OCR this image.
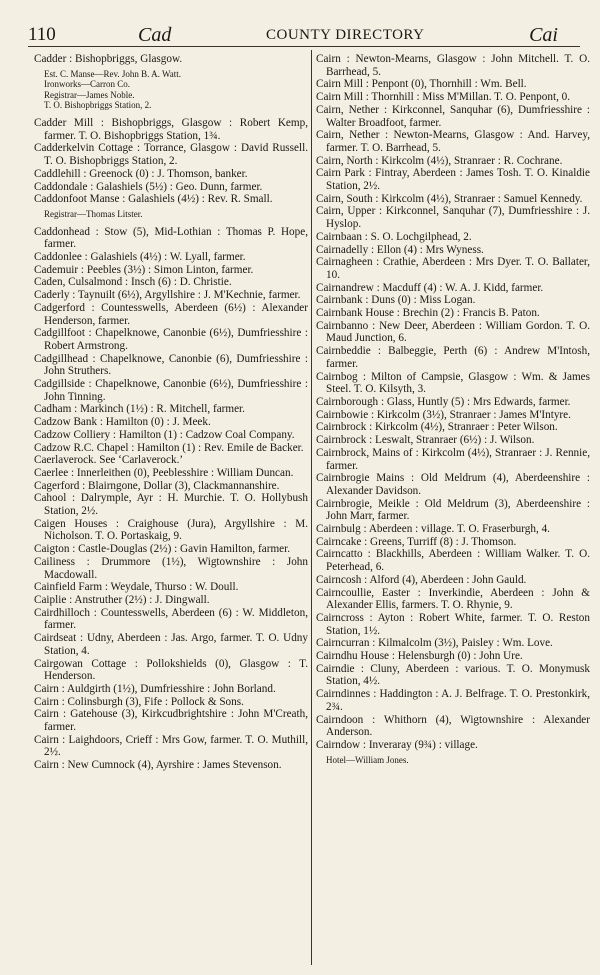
110	Cad	COUNTY DIRECTORY	Cai
Cadder : Bishopbriggs, Glasgow.
Est. C. Manse—Rev. John B. A. Watt.
Ironworks—Carron Co.
Registrar—James Noble.
T. O. Bishopbriggs Station, 2.
Cadder Mill : Bishopbriggs, Glasgow : Robert Kemp, farmer. T. O. Bishopbriggs Station, 1¾.
Cadderkelvin Cottage : Torrance, Glasgow : David Russell. T. O. Bishopbriggs Station, 2.
Caddlehill : Greenock (0) : J. Thomson, banker.
Caddondale : Galashiels (5½) : Geo. Dunn, farmer.
Caddonfoot Manse : Galashiels (4½) : Rev. R. Small.
Registrar—Thomas Litster.
Caddonhead : Stow (5), Mid-Lothian : Thomas P. Hope, farmer.
Caddonlee : Galashiels (4½) : W. Lyall, farmer.
Cademuir : Peebles (3½) : Simon Linton, farmer.
Caden, Culsalmond : Insch (6) : D. Christie.
Caderly : Taynuilt (6½), Argyllshire : J. M'Kechnie, farmer.
Cadgerford : Countesswells, Aberdeen (6½) : Alexander Henderson, farmer.
Cadgillfoot : Chapelknowe, Canonbie (6½), Dumfriesshire : Robert Armstrong.
Cadgillhead : Chapelknowe, Canonbie (6), Dumfriesshire : John Struthers.
Cadgillside : Chapelknowe, Canonbie (6½), Dumfriesshire : John Tinning.
Cadham : Markinch (1½) : R. Mitchell, farmer.
Cadzow Bank : Hamilton (0) : J. Meek.
Cadzow Colliery : Hamilton (1) : Cadzow Coal Company.
Cadzow R.C. Chapel : Hamilton (1) : Rev. Emile de Backer.
Caerlaverock. See ‘Carlaverock.’
Caerlee : Innerleithen (0), Peeblesshire : William Duncan.
Cagerford : Blairngone, Dollar (3), Clackmannanshire.
Cahool : Dalrymple, Ayr : H. Murchie. T. O. Hollybush Station, 2½.
Caigen Houses : Craighouse (Jura), Argyllshire : M. Nicholson. T. O. Portaskaig, 9.
Caigton : Castle-Douglas (2½) : Gavin Hamilton, farmer.
Cailiness : Drummore (1½), Wigtownshire : John Macdowall.
Cainfield Farm : Weydale, Thurso : W. Doull.
Caiplie : Anstruther (2½) : J. Dingwall.
Cairdhilloch : Countesswells, Aberdeen (6) : W. Middleton, farmer.
Cairdseat : Udny, Aberdeen : Jas. Argo, farmer. T. O. Udny Station, 4.
Cairgowan Cottage : Pollokshields (0), Glasgow : T. Henderson.
Cairn : Auldgirth (1½), Dumfriesshire : John Borland.
Cairn : Colinsburgh (3), Fife : Pollock & Sons.
Cairn : Gatehouse (3), Kirkcudbrightshire : John M'Creath, farmer.
Cairn : Laighdoors, Crieff : Mrs Gow, farmer. T. O. Muthill, 2½.
Cairn : New Cumnock (4), Ayrshire : James Stevenson.
Cairn : Newton-Mearns, Glasgow : John Mitchell. T. O. Barrhead, 5.
Cairn Mill : Penpont (0), Thornhill : Wm. Bell.
Cairn Mill : Thornhill : Miss M'Millan. T. O. Penpont, 0.
Cairn, Nether : Kirkconnel, Sanquhar (6), Dumfriesshire : Walter Broadfoot, farmer.
Cairn, Nether : Newton-Mearns, Glasgow : And. Harvey, farmer. T. O. Barrhead, 5.
Cairn, North : Kirkcolm (4½), Stranraer : R. Cochrane.
Cairn Park : Fintray, Aberdeen : James Tosh. T. O. Kinaldie Station, 2½.
Cairn, South : Kirkcolm (4½), Stranraer : Samuel Kennedy.
Cairn, Upper : Kirkconnel, Sanquhar (7), Dumfriesshire : J. Hyslop.
Cairnbaan : S. O. Lochgilphead, 2.
Cairnadelly : Ellon (4) : Mrs Wyness.
Cairnagheen : Crathie, Aberdeen : Mrs Dyer. T. O. Ballater, 10.
Cairnandrew : Macduff (4) : W. A. J. Kidd, farmer.
Cairnbank : Duns (0) : Miss Logan.
Cairnbank House : Brechin (2) : Francis B. Paton.
Cairnbanno : New Deer, Aberdeen : William Gordon. T. O. Maud Junction, 6.
Cairnbeddie : Balbeggie, Perth (6) : Andrew M'Intosh, farmer.
Cairnbog : Milton of Campsie, Glasgow : Wm. & James Steel. T. O. Kilsyth, 3.
Cairnborough : Glass, Huntly (5) : Mrs Edwards, farmer.
Cairnbowie : Kirkcolm (3½), Stranraer : James M'Intyre.
Cairnbrock : Kirkcolm (4½), Stranraer : Peter Wilson.
Cairnbrock : Leswalt, Stranraer (6½) : J. Wilson.
Cairnbrock, Mains of : Kirkcolm (4½), Stranraer : J. Rennie, farmer.
Cairnbrogie Mains : Old Meldrum (4), Aberdeenshire : Alexander Davidson.
Cairnbrogie, Meikle : Old Meldrum (3), Aberdeenshire : John Marr, farmer.
Cairnbulg : Aberdeen : village. T. O. Fraserburgh, 4.
Cairncake : Greens, Turriff (8) : J. Thomson.
Cairncatto : Blackhills, Aberdeen : William Walker. T. O. Peterhead, 6.
Cairncosh : Alford (4), Aberdeen : John Gauld.
Cairncoullie, Easter : Inverkindie, Aberdeen : John & Alexander Ellis, farmers. T. O. Rhynie, 9.
Cairncross : Ayton : Robert White, farmer. T. O. Reston Station, 1½.
Cairncurran : Kilmalcolm (3½), Paisley : Wm. Love.
Cairndhu House : Helensburgh (0) : John Ure.
Cairndie : Cluny, Aberdeen : various. T. O. Monymusk Station, 4½.
Cairndinnes : Haddington : A. J. Belfrage. T. O. Prestonkirk, 2¾.
Cairndoon : Whithorn (4), Wigtownshire : Alexander Anderson.
Cairndow : Inveraray (9¾) : village.
Hotel—William Jones.
